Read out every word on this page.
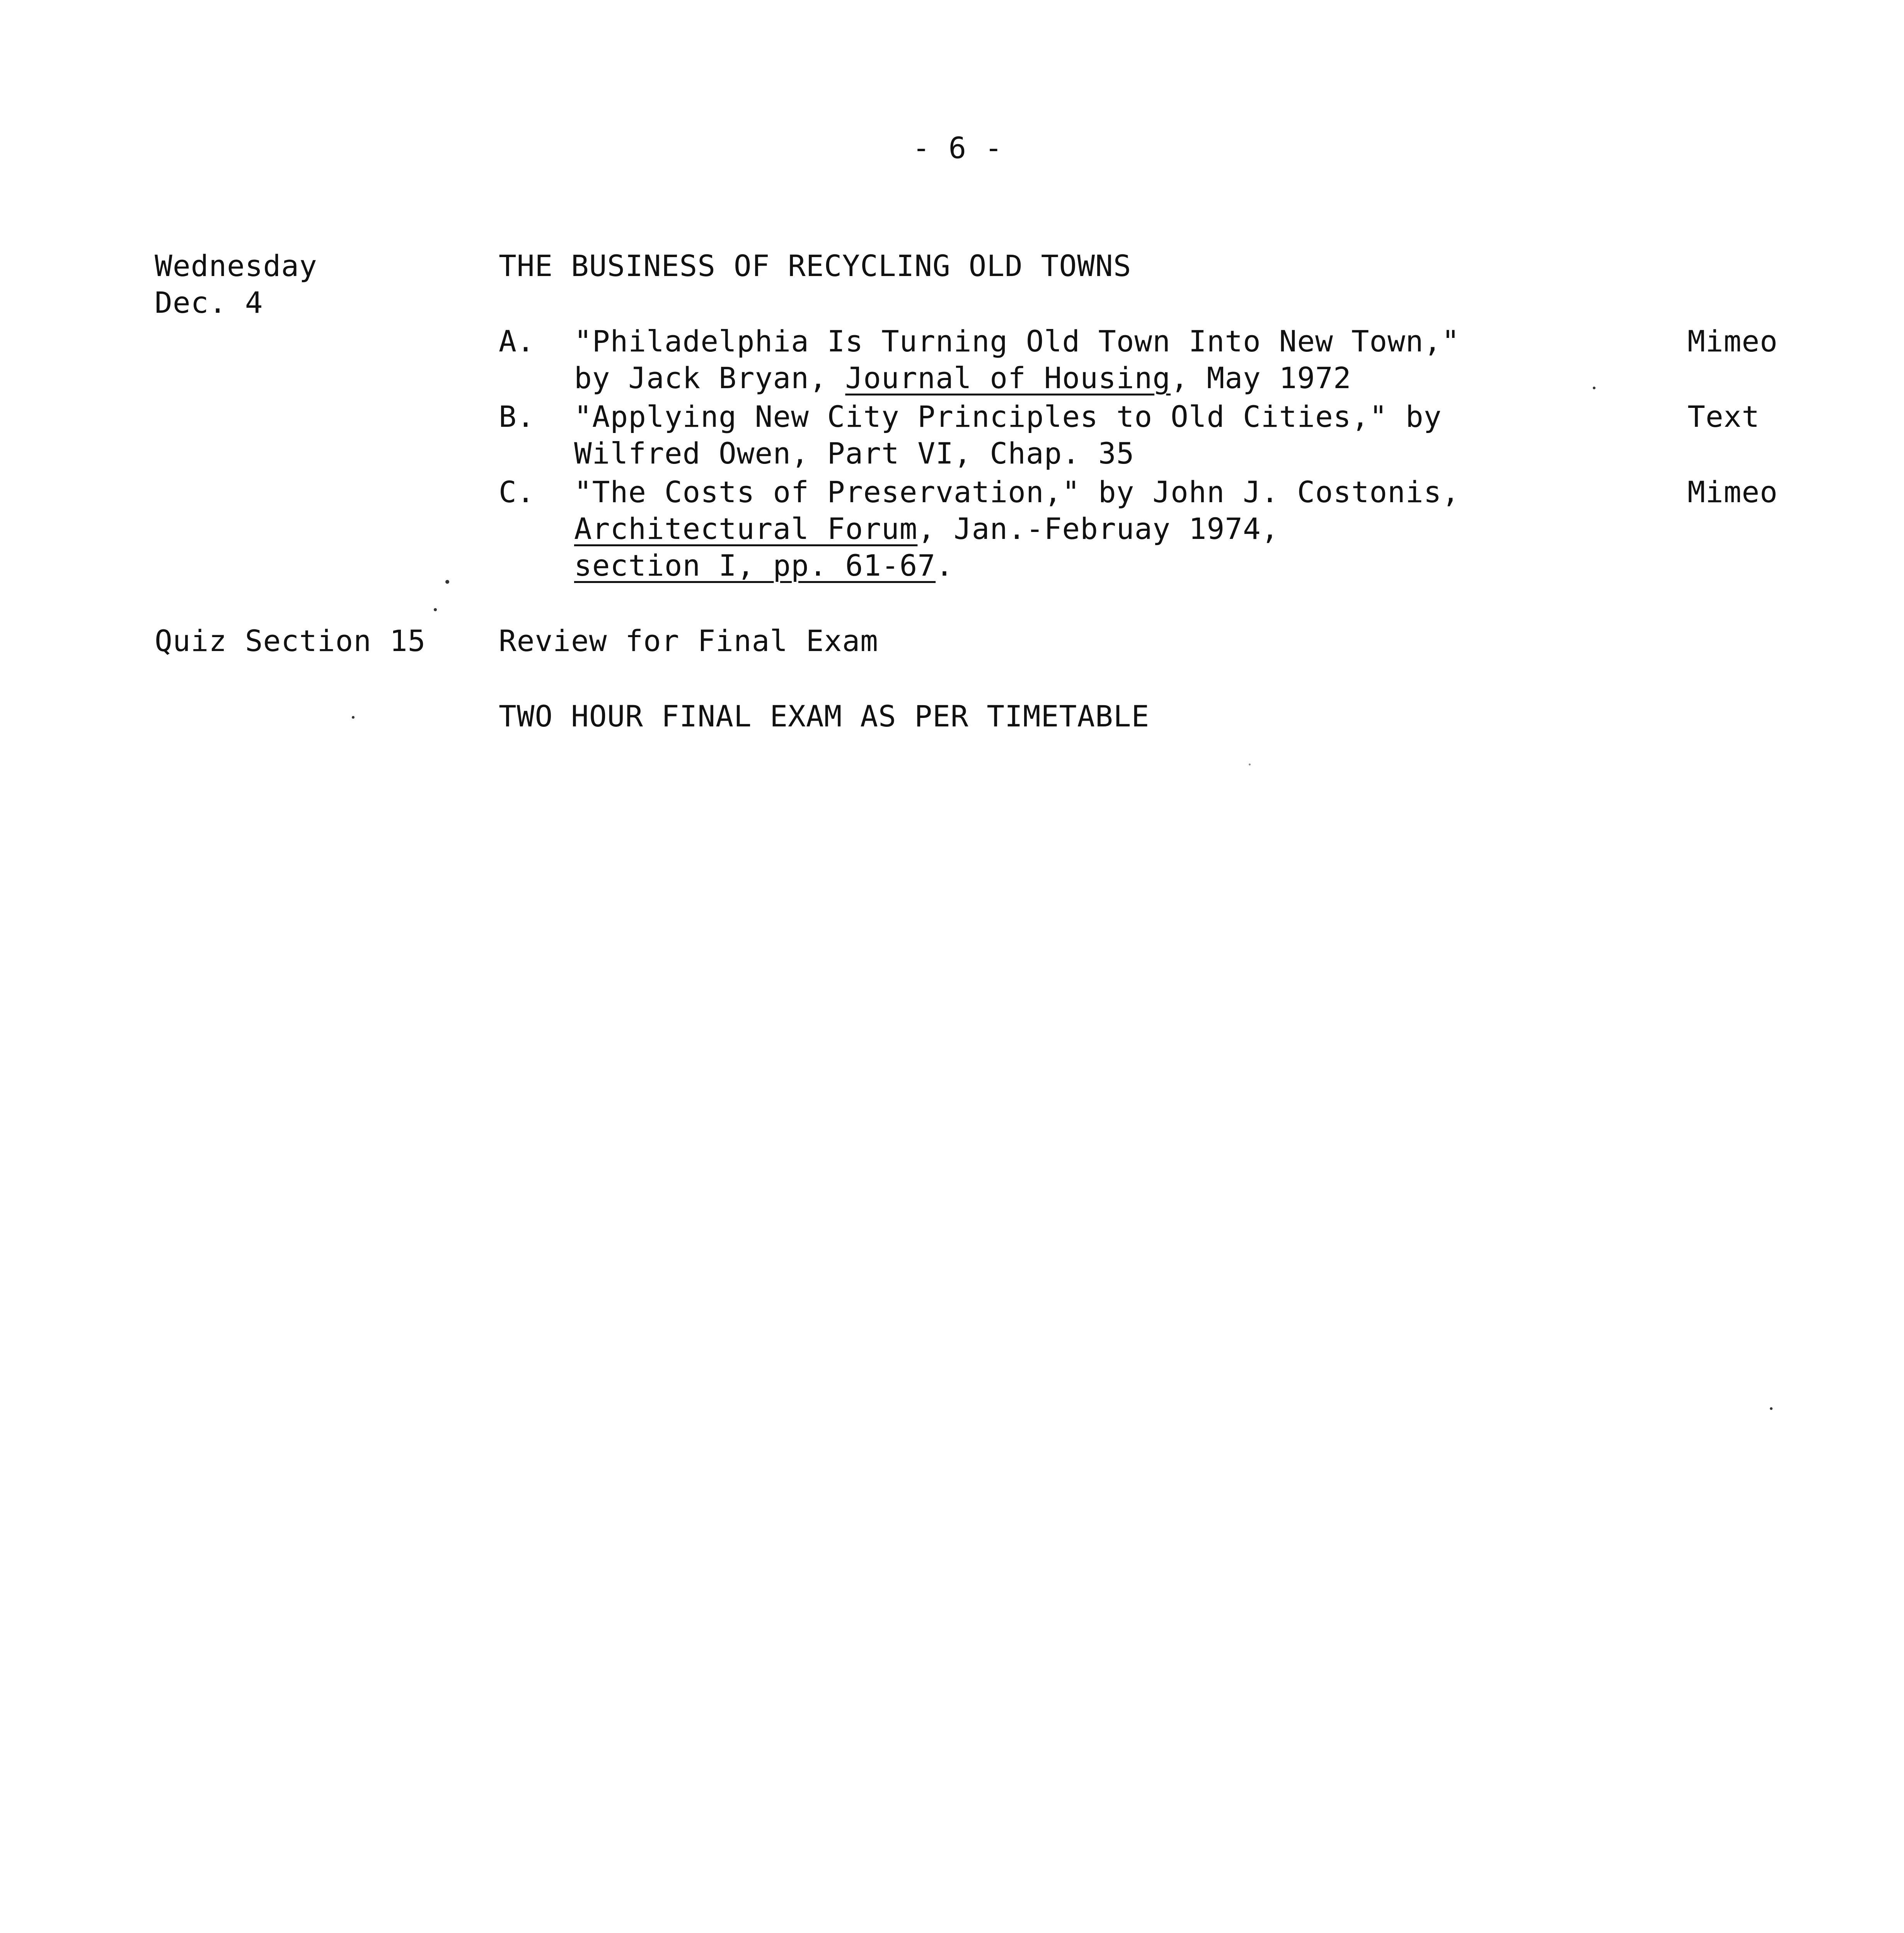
- 6 -
Wednesday
Dec. 4
THE BUSINESS OF RECYCLING OLD TOWNS
A. "Philadelphia Is Turning Old Town Into New Town,"
by Jack Bryan, Journal of Housing, May 1972
Mimeo
B. "Applying New City Principles to Old Cities," by
Wilfred Owen, Part VI, Chap. 35
Text
C. "The Costs of Preservation," by John J. Costonis,
Architectural Forum, Jan.-Februay 1974,
section I, pp. 61-67.
Mimeo
Quiz Section 15 Review for Final Exam
TWO HOUR FINAL EXAM AS PER TIMETABLE
